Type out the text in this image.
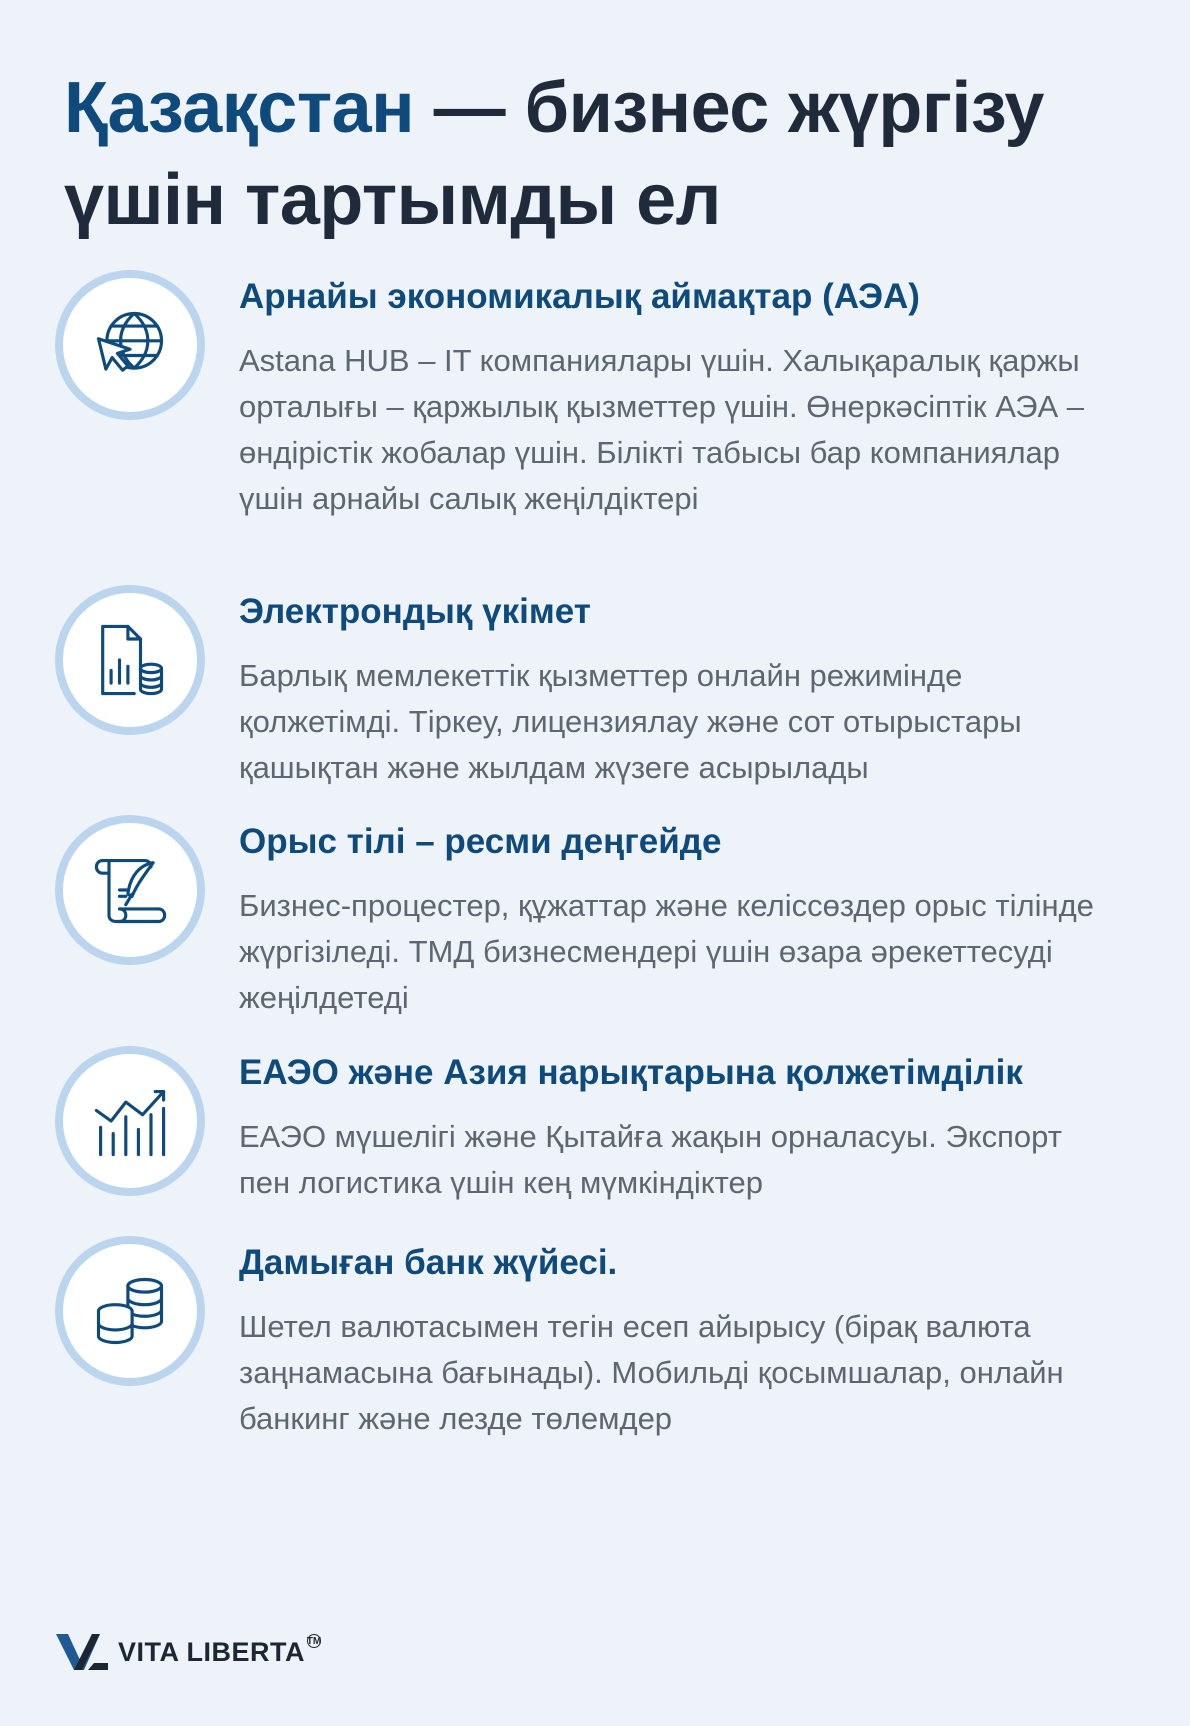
Қазақстан — бизнес жүргізу үшін тартымды ел
Арнайы экономикалық аймақтар (АЭА)

Astana HUB – IT компаниялары үшін. Халықаралық қаржы орталығы – қаржылық қызметтер үшін. Өнеркәсіптік АЭА – өндірістік жобалар үшін. Білікті табысы бар компаниялар үшін арнайы салық жеңілдіктері

Электрондық үкімет

Барлық мемлекеттік қызметтер онлайн режимінде қолжетімді. Тіркеу, лицензиялау және сот отырыстары қашықтан және жылдам жүзеге асырылады

Орыс тілі – ресми деңгейде

Бизнес-процестер, құжаттар және келіссөздер орыс тілінде жүргізіледі. ТМД бизнесмендері үшін өзара әрекеттесуді жеңілдетеді

ЕАЭО және Азия нарықтарына қолжетімділік

ЕАЭО мүшелігі және Қытайға жақын орналасуы. Экспорт пен логистика үшін кең мүмкіндіктер

Дамыған банк жүйесі.

Шетел валютасымен тегін есеп айырысу (бірақ валюта заңнамасына бағынады). Мобильді қосымшалар, онлайн банкинг және лезде төлемдер

VITA LIBERTA TM
